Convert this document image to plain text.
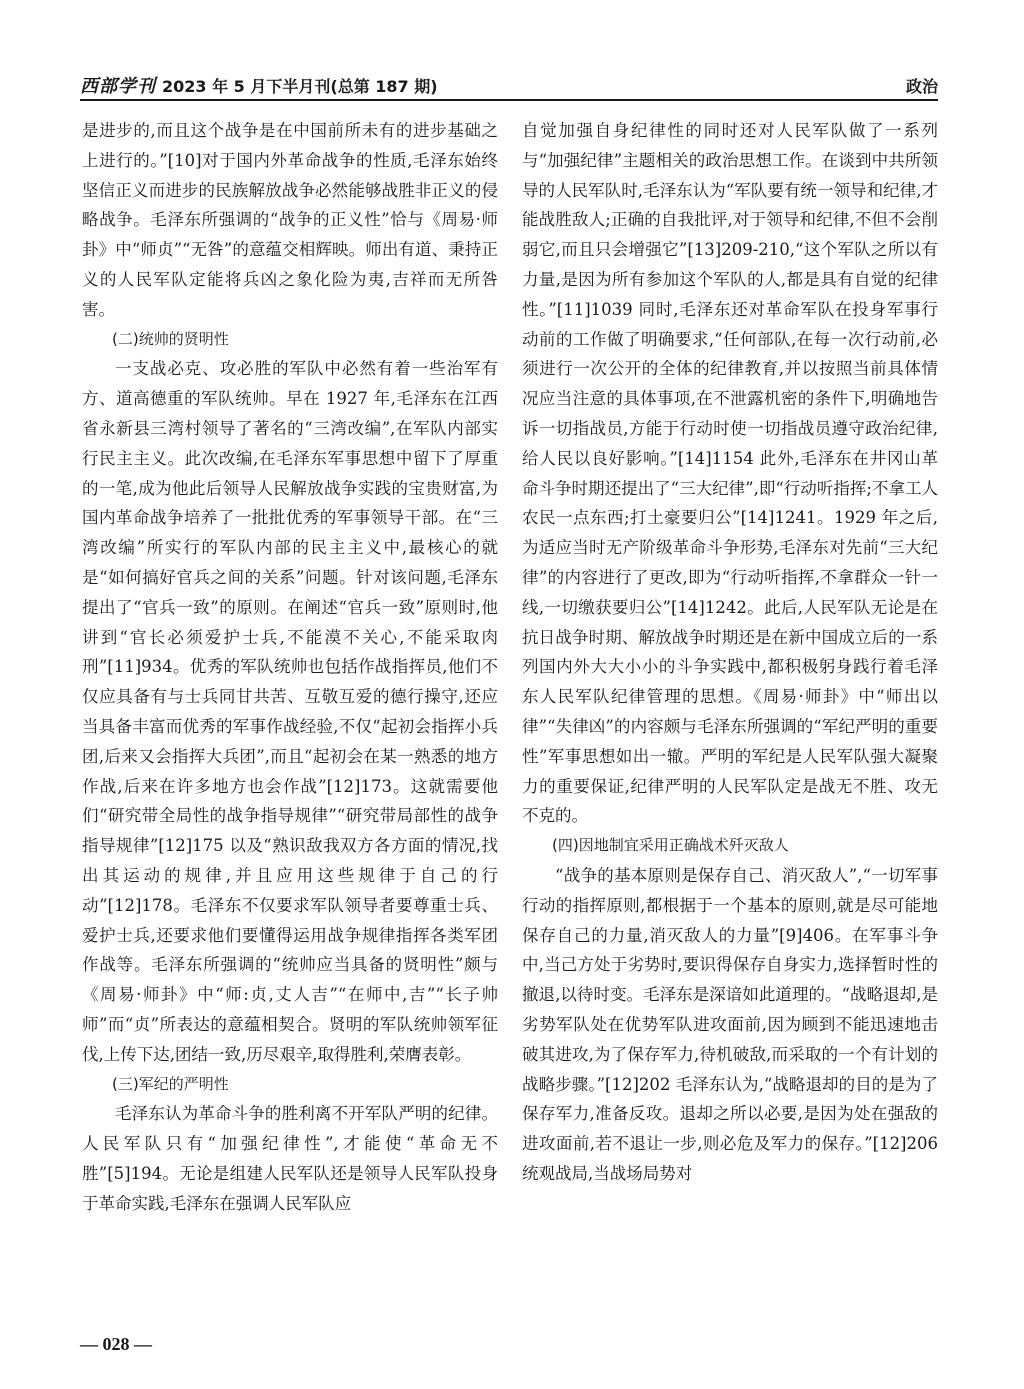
西部学刊 2023 年 5 月下半月刊(总第 187 期)	政治

是进步的,而且这个战争是在中国前所未有的进步基础之上进行的。”[10]对于国内外革命战争的性质,毛泽东始终坚信正义而进步的民族解放战争必然能够战胜非正义的侵略战争。毛泽东所强调的“战争的正义性”恰与《周易·师卦》中“师贞”“无咎”的意蕴交相辉映。师出有道、秉持正义的人民军队定能将兵凶之象化险为夷,吉祥而无所咎害。

(二)统帅的贤明性

一支战必克、攻必胜的军队中必然有着一些治军有方、道高德重的军队统帅。早在 1927 年,毛泽东在江西省永新县三湾村领导了著名的“三湾改编”,在军队内部实行民主主义。此次改编,在毛泽东军事思想中留下了厚重的一笔,成为他此后领导人民解放战争实践的宝贵财富,为国内革命战争培养了一批批优秀的军事领导干部。在“三湾改编”所实行的军队内部的民主主义中,最核心的就是“如何搞好官兵之间的关系”问题。针对该问题,毛泽东提出了“官兵一致”的原则。在阐述“官兵一致”原则时,他讲到“官长必须爱护士兵,不能漠不关心,不能采取肉刑”[11]934。优秀的军队统帅也包括作战指挥员,他们不仅应具备有与士兵同甘共苦、互敬互爱的德行操守,还应当具备丰富而优秀的军事作战经验,不仅“起初会指挥小兵团,后来又会指挥大兵团”,而且“起初会在某一熟悉的地方作战,后来在许多地方也会作战”[12]173。这就需要他们“研究带全局性的战争指导规律”“研究带局部性的战争指导规律”[12]175 以及“熟识敌我双方各方面的情况,找出其运动的规律,并且应用这些规律于自己的行动”[12]178。毛泽东不仅要求军队领导者要尊重士兵、爱护士兵,还要求他们要懂得运用战争规律指挥各类军团作战等。毛泽东所强调的“统帅应当具备的贤明性”颇与《周易·师卦》中“师:贞,丈人吉”“在师中,吉”“长子帅师”而“贞”所表达的意蕴相契合。贤明的军队统帅领军征伐,上传下达,团结一致,历尽艰辛,取得胜利,荣膺表彰。

(三)军纪的严明性

毛泽东认为革命斗争的胜利离不开军队严明的纪律。人民军队只有“加强纪律性”,才能使“革命无不胜”[5]194。无论是组建人民军队还是领导人民军队投身于革命实践,毛泽东在强调人民军队应

自觉加强自身纪律性的同时还对人民军队做了一系列与“加强纪律”主题相关的政治思想工作。在谈到中共所领导的人民军队时,毛泽东认为“军队要有统一领导和纪律,才能战胜敌人;正确的自我批评,对于领导和纪律,不但不会削弱它,而且只会增强它”[13]209-210,“这个军队之所以有力量,是因为所有参加这个军队的人,都是具有自觉的纪律性。”[11]1039 同时,毛泽东还对革命军队在投身军事行动前的工作做了明确要求,“任何部队,在每一次行动前,必须进行一次公开的全体的纪律教育,并以按照当前具体情况应当注意的具体事项,在不泄露机密的条件下,明确地告诉一切指战员,方能于行动时使一切指战员遵守政治纪律,给人民以良好影响。”[14]1154 此外,毛泽东在井冈山革命斗争时期还提出了“三大纪律”,即“行动听指挥;不拿工人农民一点东西;打土豪要归公”[14]1241。1929 年之后,为适应当时无产阶级革命斗争形势,毛泽东对先前“三大纪律”的内容进行了更改,即为“行动听指挥,不拿群众一针一线,一切缴获要归公”[14]1242。此后,人民军队无论是在抗日战争时期、解放战争时期还是在新中国成立后的一系列国内外大大小小的斗争实践中,都积极躬身践行着毛泽东人民军队纪律管理的思想。《周易·师卦》中“师出以律”“失律凶”的内容颇与毛泽东所强调的“军纪严明的重要性”军事思想如出一辙。严明的军纪是人民军队强大凝聚力的重要保证,纪律严明的人民军队定是战无不胜、攻无不克的。

(四)因地制宜采用正确战术歼灭敌人

“战争的基本原则是保存自己、消灭敌人”,“一切军事行动的指挥原则,都根据于一个基本的原则,就是尽可能地保存自己的力量,消灭敌人的力量”[9]406。在军事斗争中,当己方处于劣势时,要识得保存自身实力,选择暂时性的撤退,以待时变。毛泽东是深谙如此道理的。“战略退却,是劣势军队处在优势军队进攻面前,因为顾到不能迅速地击破其进攻,为了保存军力,待机破敌,而采取的一个有计划的战略步骤。”[12]202 毛泽东认为,“战略退却的目的是为了保存军力,准备反攻。退却之所以必要,是因为处在强敌的进攻面前,若不退让一步,则必危及军力的保存。”[12]206 统观战局,当战场局势对

— 028 —
